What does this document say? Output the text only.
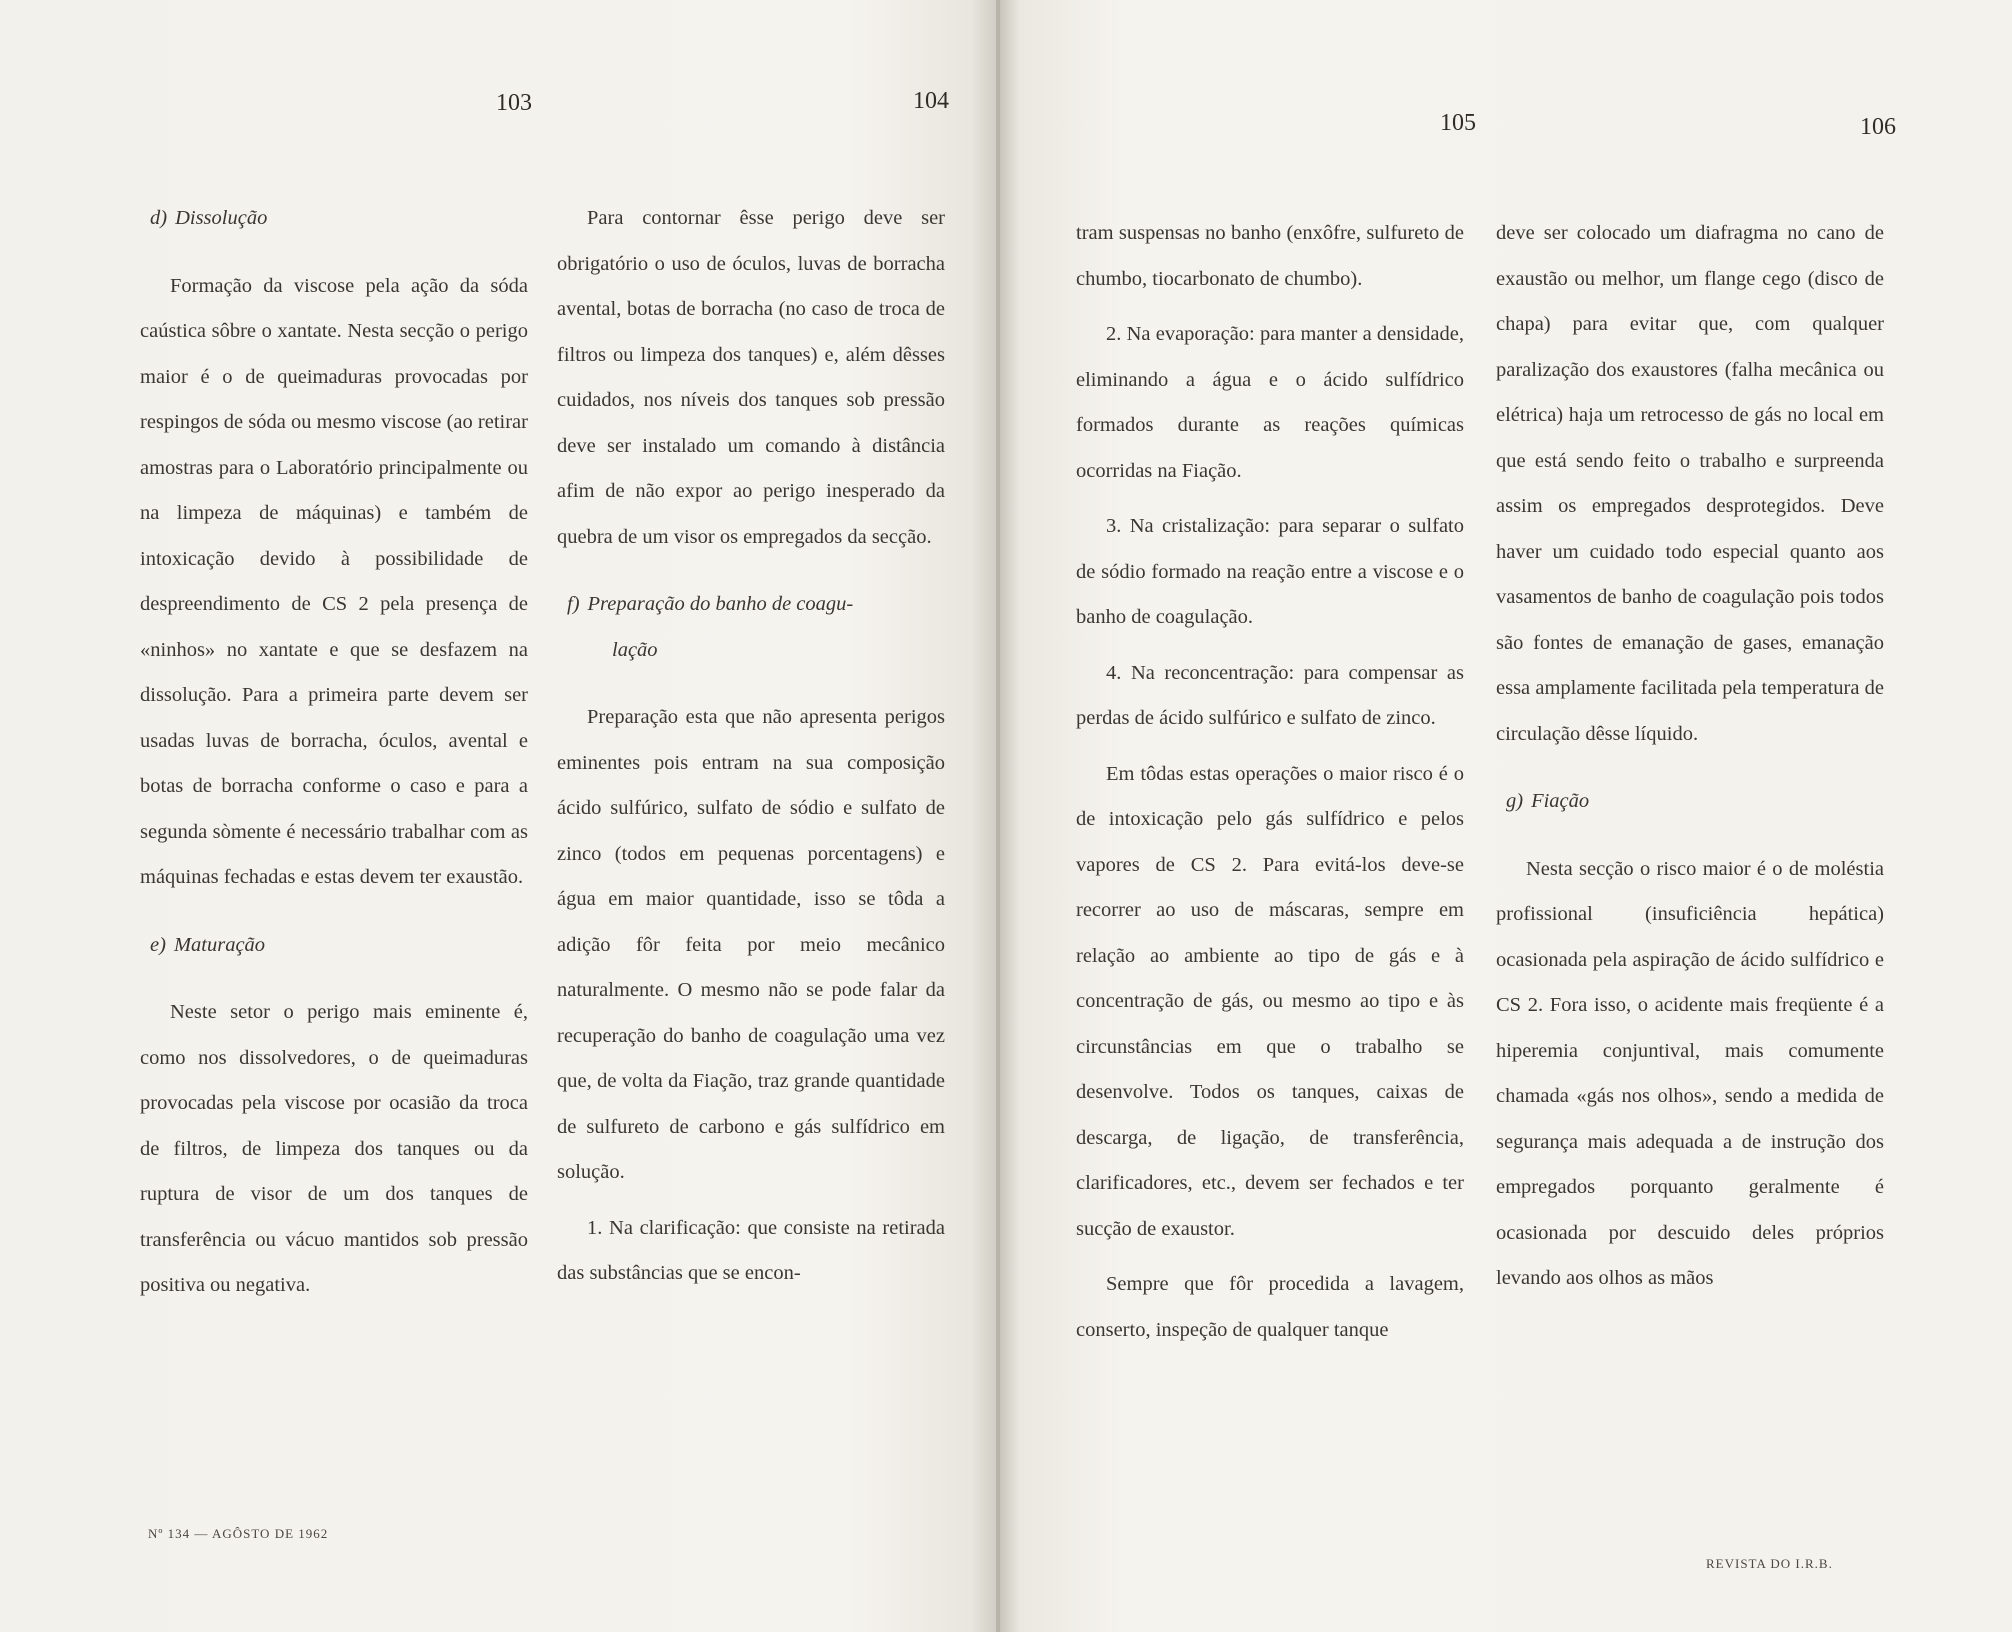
103	104
d) Dissolução

Formação da viscose pela ação da sóda caústica sôbre o xantate. Nesta secção o perigo maior é o de queimaduras provocadas por respingos de sóda ou mesmo viscose (ao retirar amostras para o Laboratório principalmente ou na limpeza de máquinas) e também de intoxicação devido à possibilidade de despreendimento de CS 2 pela presença de «ninhos» no xantate e que se desfazem na dissolução. Para a primeira parte devem ser usadas luvas de borracha, óculos, avental e botas de borracha conforme o caso e para a segunda sòmente é necessário trabalhar com as máquinas fechadas e estas devem ter exaustão.

e) Maturação

Neste setor o perigo mais eminente é, como nos dissolvedores, o de queimaduras provocadas pela viscose por ocasião da troca de filtros, de limpeza dos tanques ou da ruptura de visor de um dos tanques de transferência ou vácuo mantidos sob pressão positiva ou negativa.

Para contornar êsse perigo deve ser obrigatório o uso de óculos, luvas de borracha avental, botas de borracha (no caso de troca de filtros ou limpeza dos tanques) e, além dêsses cuidados, nos níveis dos tanques sob pressão deve ser instalado um comando à distância afim de não expor ao perigo inesperado da quebra de um visor os empregados da secção.

f) Preparação do banho de coagu-
lação

Preparação esta que não apresenta perigos eminentes pois entram na sua composição ácido sulfúrico, sulfato de sódio e sulfato de zinco (todos em pequenas porcentagens) e água em maior quantidade, isso se tôda a adição fôr feita por meio mecânico naturalmente. O mesmo não se pode falar da recuperação do banho de coagulação uma vez que, de volta da Fiação, traz grande quantidade de sulfureto de carbono e gás sulfídrico em solução.

1. Na clarificação: que consiste na retirada das substâncias que se encon-

Nº 134 — AGÔSTO DE 1962
105	106

tram suspensas no banho (enxôfre, sulfureto de chumbo, tiocarbonato de chumbo).

2. Na evaporação: para manter a densidade, eliminando a água e o ácido sulfídrico formados durante as reações químicas ocorridas na Fiação.

3. Na cristalização: para separar o sulfato de sódio formado na reação entre a viscose e o banho de coagulação.

4. Na reconcentração: para compensar as perdas de ácido sulfúrico e sulfato de zinco.

Em tôdas estas operações o maior risco é o de intoxicação pelo gás sulfídrico e pelos vapores de CS 2. Para evitá-los deve-se recorrer ao uso de máscaras, sempre em relação ao ambiente ao tipo de gás e à concentração de gás, ou mesmo ao tipo e às circunstâncias em que o trabalho se desenvolve. Todos os tanques, caixas de descarga, de ligação, de transferência, clarificadores, etc., devem ser fechados e ter sucção de exaustor.

Sempre que fôr procedida a lavagem, conserto, inspeção de qualquer tanque

deve ser colocado um diafragma no cano de exaustão ou melhor, um flange cego (disco de chapa) para evitar que, com qualquer paralização dos exaustores (falha mecânica ou elétrica) haja um retrocesso de gás no local em que está sendo feito o trabalho e surpreenda assim os empregados desprotegidos. Deve haver um cuidado todo especial quanto aos vasamentos de banho de coagulação pois todos são fontes de emanação de gases, emanação essa amplamente facilitada pela temperatura de circulação dêsse líquido.

g) Fiação

Nesta secção o risco maior é o de moléstia profissional (insuficiência hepática) ocasionada pela aspiração de ácido sulfídrico e CS 2. Fora isso, o acidente mais freqüente é a hiperemia conjuntival, mais comumente chamada «gás nos olhos», sendo a medida de segurança mais adequada a de instrução dos empregados porquanto geralmente é ocasionada por descuido deles próprios levando aos olhos as mãos

REVISTA DO I.R.B.
